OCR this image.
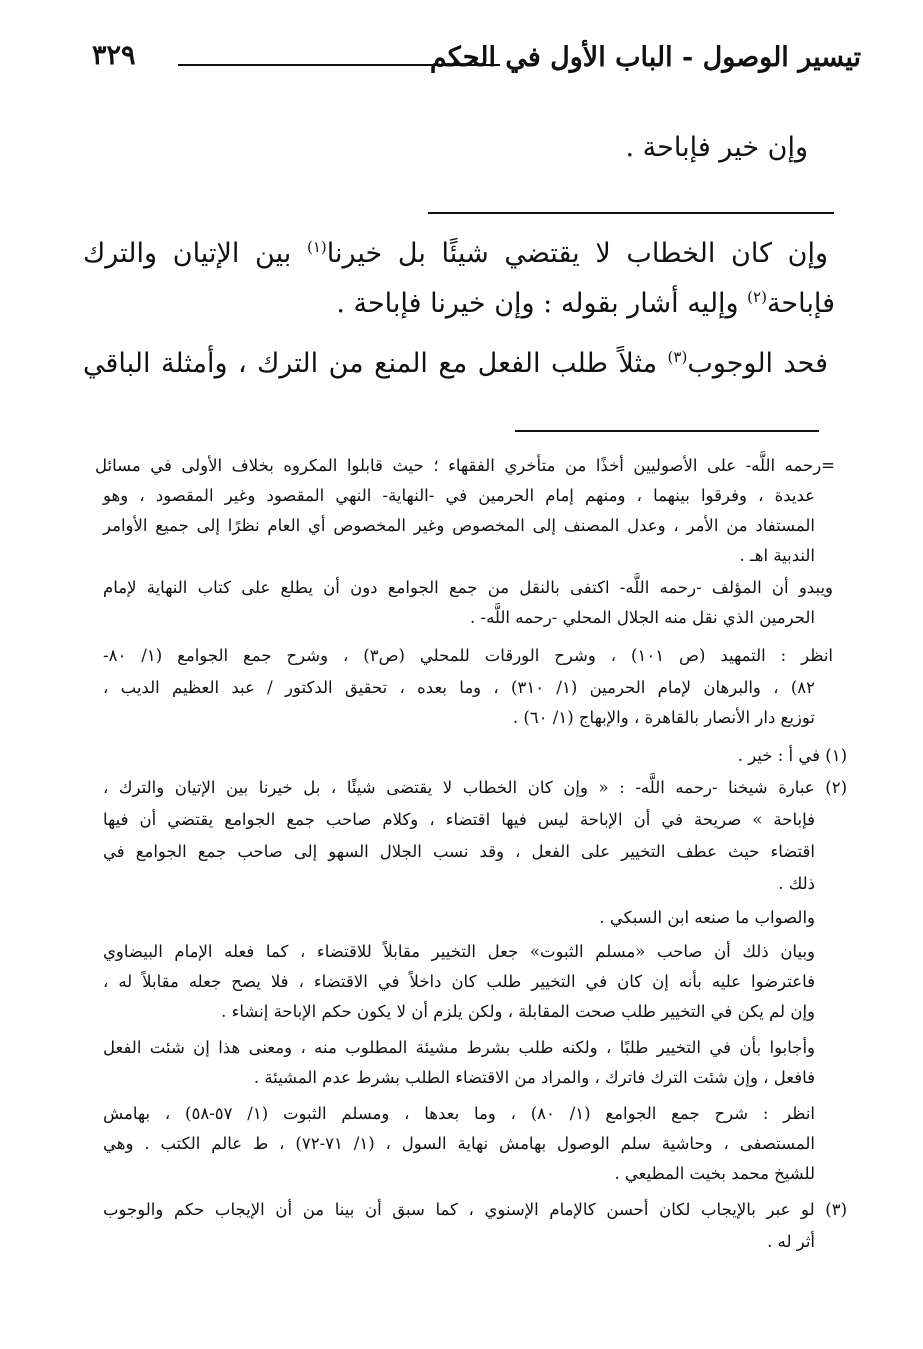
تيسير الوصول - الباب الأول في الحكم
٣٢٩
وإن خير فإباحة .
وإن كان الخطاب لا يقتضي شيئًا بل خيرنا$^{(١)}$ بين الإتيان والترك
فإباحة$^{(٢)}$ وإليه أشار بقوله : وإن خيرنا فإباحة .
فحد الوجوب$^{(٣)}$ مثلاً طلب الفعل مع المنع من الترك ، وأمثلة الباقي
=رحمه اللَّه- على الأصوليين أخذًا من متأخري الفقهاء ؛ حيث قابلوا المكروه بخلاف الأولى في مسائل
عديدة ، وفرقوا بينهما ، ومنهم إمام الحرمين في -النهاية- النهي المقصود وغير المقصود ، وهو
المستفاد من الأمر ، وعدل المصنف إلى المخصوص وغير المخصوص أي العام نظرًا إلى جميع الأوامر
الندبية اهـ .
ويبدو أن المؤلف -رحمه اللَّه- اكتفى بالنقل من جمع الجوامع دون أن يطلع على كتاب النهاية لإمام
الحرمين الذي نقل منه الجلال المحلي -رحمه اللَّه- .
انظر : التمهيد (ص ١٠١) ، وشرح الورقات للمحلي (ص٣) ، وشرح جمع الجوامع (١/ ٨٠-
٨٢) ، والبرهان لإمام الحرمين (١/ ٣١٠) ، وما بعده ، تحقيق الدكتور / عبد العظيم الديب ،
توزيع دار الأنصار بالقاهرة ، والإبهاج (١/ ٦٠) .
(١) في أ : خير .
(٢) عبارة شيخنا -رحمه اللَّه- : « وإن كان الخطاب لا يقتضى شيئًا ، بل خيرنا بين الإتيان والترك ،
فإباحة » صريحة في أن الإباحة ليس فيها اقتضاء ، وكلام صاحب جمع الجوامع يقتضي أن فيها
اقتضاء حيث عطف التخيير على الفعل ، وقد نسب الجلال السهو إلى صاحب جمع الجوامع في
ذلك .
والصواب ما صنعه ابن السبكي .
وبيان ذلك أن صاحب «مسلم الثبوت» جعل التخيير مقابلاً للاقتضاء ، كما فعله الإمام البيضاوي
فاعترضوا عليه بأنه إن كان في التخيير طلب كان داخلاً في الاقتضاء ، فلا يصح جعله مقابلاً له ،
وإن لم يكن في التخيير طلب صحت المقابلة ، ولكن يلزم أن لا يكون حكم الإباحة إنشاء .
وأجابوا بأن في التخيير طلبًا ، ولكنه طلب بشرط مشيئة المطلوب منه ، ومعنى هذا إن شئت الفعل
فافعل ، وإن شئت الترك فاترك ، والمراد من الاقتضاء الطلب بشرط عدم المشيئة .
انظر : شرح جمع الجوامع (١/ ٨٠) ، وما بعدها ، ومسلم الثبوت (١/ ٥٧-٥٨) ، بهامش
المستصفى ، وحاشية سلم الوصول بهامش نهاية السول ، (١/ ٧١-٧٢) ، ط عالم الكتب . وهي
للشيخ محمد بخيت المطيعي .
(٣) لو عبر بالإيجاب لكان أحسن كالإمام الإسنوي ، كما سبق أن بينا من أن الإيجاب حكم والوجوب
أثر له .
